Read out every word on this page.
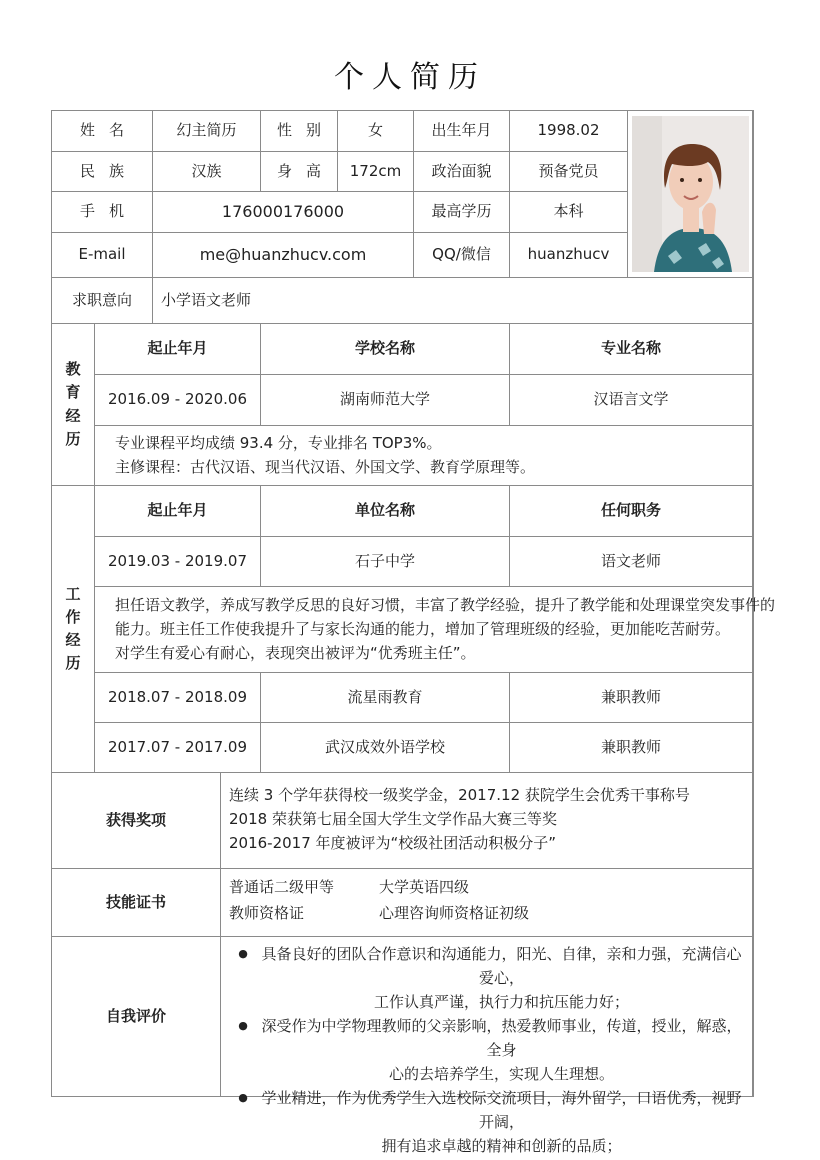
个人简历
姓名	幻主简历	性别	女	出生年月	1998.02
民族	汉族	身高 172cm	政治面貌	预备党员
手机	176000176000	最高学历	本科
E-mail	me@huanzhucv.com	QQ/微信	huanzhucv
求职意向	小学语文老师
教
育
经
历
起止年月	学校名称	专业名称
2016.09 - 2020.06	湖南师范大学	汉语言文学
专业课程平均成绩 93.4 分，专业排名 TOP3%。
主修课程：古代汉语、现当代汉语、外国文学、教育学原理等。
工
作
经
历
起止年月	单位名称	任何职务
2019.03 - 2019.07	石子中学	语文老师
担任语文教学，养成写教学反思的良好习惯，丰富了教学经验，提升了教学能和处理课堂突发事件的
能力。班主任工作使我提升了与家长沟通的能力，增加了管理班级的经验，更加能吃苦耐劳。
对学生有爱心有耐心，表现突出被评为“优秀班主任”。
2018.07 - 2018.09	流星雨教育	兼职教师
2017.07 - 2017.09	武汉成效外语学校	兼职教师
获得奖项
连续 3 个学年获得校一级奖学金，2017.12 获院学生会优秀干事称号
2018 荣获第七届全国大学生文学作品大赛三等奖
2016-2017 年度被评为“校级社团活动积极分子”
技能证书
普通话二级甲等	大学英语四级
教师资格证	心理咨询师资格证初级
自我评价
● 具备良好的团队合作意识和沟通能力，阳光、自律，亲和力强，充满信心爱心，
工作认真严谨，执行力和抗压能力好；
● 深受作为中学物理教师的父亲影响，热爱教师事业，传道，授业，解惑，全身
心的去培养学生，实现人生理想。
● 学业精进，作为优秀学生入选校际交流项目，海外留学，口语优秀，视野开阔，
拥有追求卓越的精神和创新的品质；
